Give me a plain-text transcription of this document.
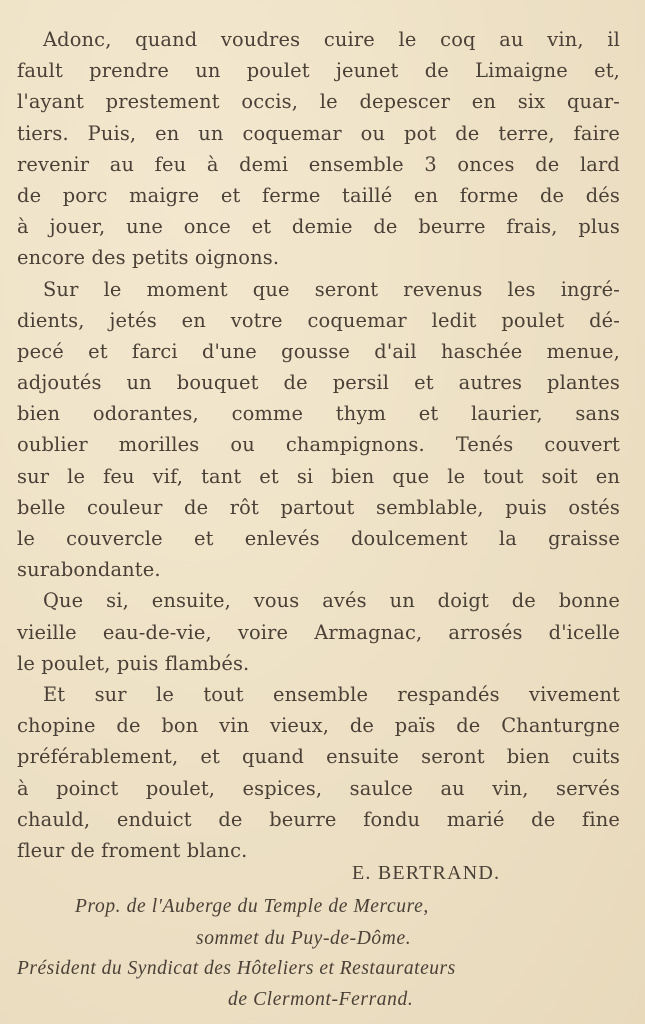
Adonc, quand voudres cuire le coq au vin, il
fault prendre un poulet jeunet de Limaigne et,
l'ayant prestement occis, le depescer en six quar-
tiers. Puis, en un coquemar ou pot de terre, faire
revenir au feu à demi ensemble 3 onces de lard
de porc maigre et ferme taillé en forme de dés
à jouer, une once et demie de beurre frais, plus
encore des petits oignons.

Sur le moment que seront revenus les ingré-
dients, jetés en votre coquemar ledit poulet dé-
pecé et farci d'une gousse d'ail haschée menue,
adjoutés un bouquet de persil et autres plantes
bien odorantes, comme thym et laurier, sans
oublier morilles ou champignons. Tenés couvert
sur le feu vif, tant et si bien que le tout soit en
belle couleur de rôt partout semblable, puis ostés
le couvercle et enlevés doulcement la graisse
surabondante.

Que si, ensuite, vous avés un doigt de bonne
vieille eau-de-vie, voire Armagnac, arrosés d'icelle
le poulet, puis flambés.

Et sur le tout ensemble respandés vivement
chopine de bon vin vieux, de païs de Chanturgne
préférablement, et quand ensuite seront bien cuits
à poinct poulet, espices, saulce au vin, servés
chauld, enduict de beurre fondu marié de fine
fleur de froment blanc.

E. BERTRAND.
Prop. de l'Auberge du Temple de Mercure,
sommet du Puy-de-Dôme.
Président du Syndicat des Hôteliers et Restaurateurs
de Clermont-Ferrand.
